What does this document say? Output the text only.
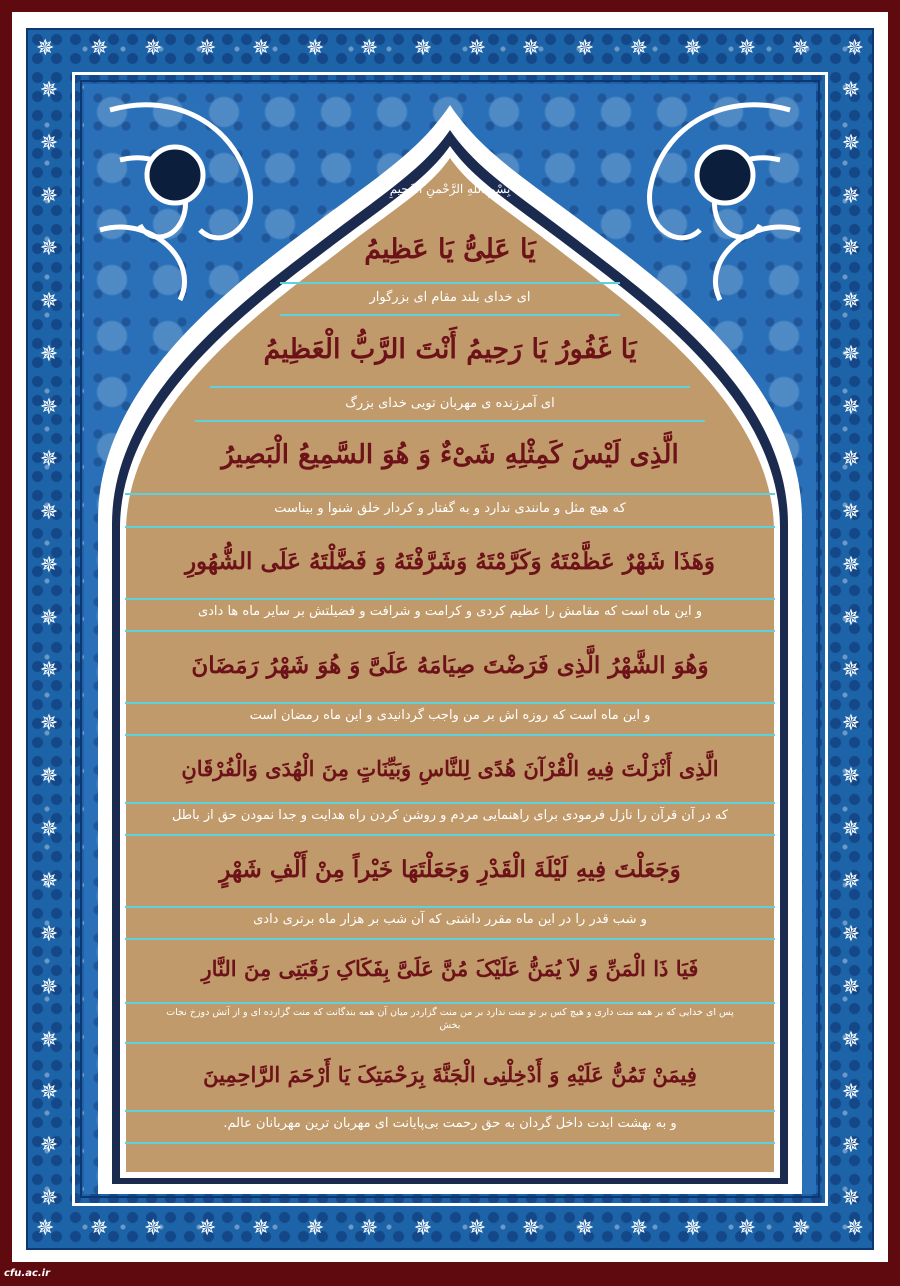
✵ ✵ ✵ ✵ ✵ ✵ ✵ ✵ ✵ ✵ ✵ ✵ ✵ ✵ ✵ ✵
✵ ✵ ✵ ✵ ✵ ✵ ✵ ✵ ✵ ✵ ✵ ✵ ✵ ✵ ✵ ✵
✵
✵
✵
✵
✵
✵
✵
✵
✵
✵
✵
✵
✵
✵
✵
✵
✵
✵
✵
✵
✵
✵
✵
✵
✵
✵
✵
✵
✵
✵
✵
✵
✵
✵
✵
✵
✵
✵
✵
✵
✵
✵
✵
✵
بِسْمِ اللهِ الرَّحْمنِ الرَّحِیمِ
یَا عَلِیُّ یَا عَظِیمُ
ای خدای بلند مقام ای بزرگوار
یَا غَفُورُ یَا رَحِیمُ أَنْتَ الرَّبُّ الْعَظِیمُ
ای آمرزنده ی مهربان تویی خدای بزرگ
الَّذِی لَیْسَ کَمِثْلِهِ شَیْءٌ وَ هُوَ السَّمِیعُ الْبَصِیرُ
که هیچ مثل و مانندی ندارد و به گفتار و کردار خلق شنوا و بیناست
وَهَذَا شَهْرٌ عَظَّمْتَهُ وَکَرَّمْتَهُ وَشَرَّفْتَهُ وَ فَضَّلْتَهُ عَلَى الشُّهُورِ
و این ماه است که مقامش را عظیم کردی و کرامت و شرافت و فضیلتش بر سایر ماه ها دادی
وَهُوَ الشَّهْرُ الَّذِی فَرَضْتَ صِیَامَهُ عَلَیَّ وَ هُوَ شَهْرُ رَمَضَانَ
و این ماه است که روزه اش بر من واجب گردانیدی و این ماه رمضان است
الَّذِی أَنْزَلْتَ فِیهِ الْقُرْآنَ هُدًى لِلنَّاسِ وَبَیِّنَاتٍ مِنَ الْهُدَى وَالْفُرْقَانِ
که در آن قرآن را نازل فرمودی برای راهنمایی مردم و روشن کردن راه هدایت و جدا نمودن حق از باطل
وَجَعَلْتَ فِیهِ لَیْلَةَ الْقَدْرِ وَجَعَلْتَهَا خَیْراً مِنْ أَلْفِ شَهْرٍ
و شب قدر را در این ماه مقرر داشتی که آن شب بر هزار ماه برتری دادی
فَیَا ذَا الْمَنِّ وَ لاَ یُمَنُّ عَلَیْکَ مُنَّ عَلَیَّ بِفَکَاکِ رَقَبَتِی مِنَ النَّارِ
پس ای خدایی که بر همه منت داری و هیچ کس بر تو منت ندارد بر من منت گزاردر میان آن همه بندگانت که منت گزارده ای و از آتش دوزخ نجات بخش
فِیمَنْ تَمُنُّ عَلَیْهِ وَ أَدْخِلْنِی الْجَنَّةَ بِرَحْمَتِکَ یَا أَرْحَمَ الرَّاحِمِینَ
و به بهشت ابدت داخل گردان به حق رحمت بی‌پایانت ای مهربان ترین مهربانان عالم.
cfu.ac.ir
